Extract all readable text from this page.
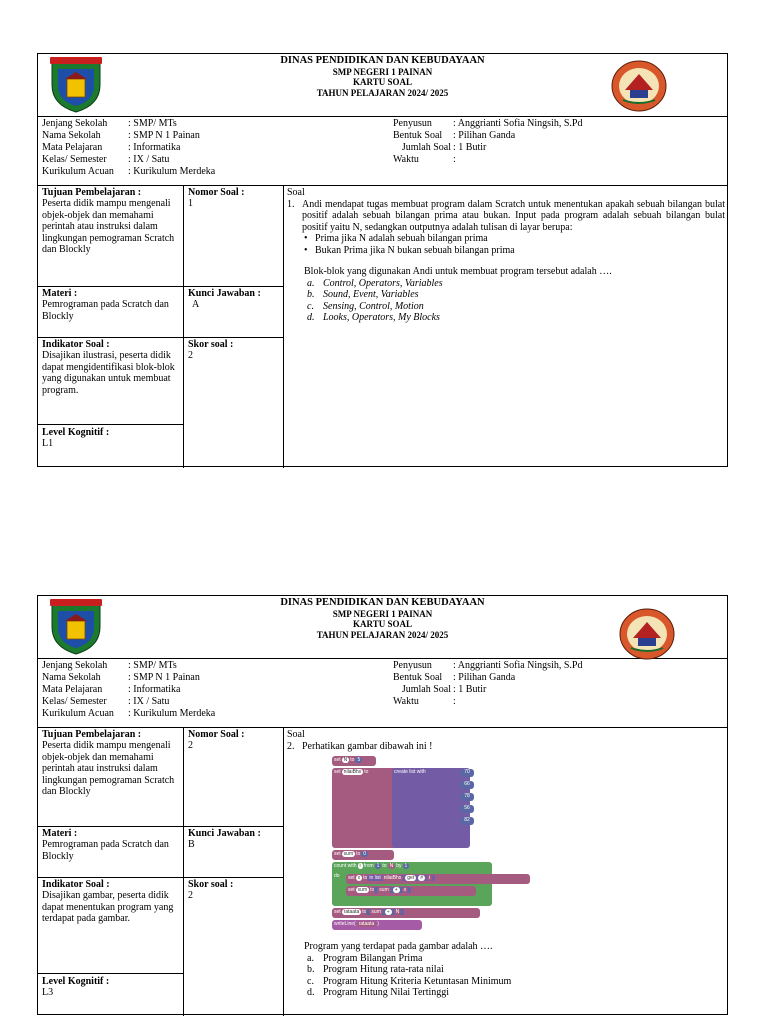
DINAS PENDIDIKAN DAN KEBUDAYAAN
SMP NEGERI 1 PAINAN
KARTU SOAL
TAHUN PELAJARAN 2024/ 2025
Jenjang Sekolah : SMP/ MTs
Nama Sekolah	: SMP N 1 Painan
Mata Pelajaran	: Informatika
Kelas/ Semester : IX / Satu
Kurikulum Acuan : Kurikulum Merdeka
Penyusun : Anggrianti Sofia Ningsih, S.Pd
Bentuk Soal : Pilihan Ganda
Jumlah Soal : 1 Butir
Waktu	:
Tujuan Pembelajaran :
Peserta didik mampu mengenali objek-objek dan memahami perintah atau instruksi dalam lingkungan pemograman Scratch dan Blockly
Nomor Soal :
1
Materi :
Pemrograman pada Scratch dan Blockly
Kunci Jawaban :
A
Indikator Soal :
Disajikan ilustrasi, peserta didik dapat mengidentifikasi blok-blok yang digunakan untuk membuat program.
Skor soal :
2
Level Kognitif :
L1
Soal
1. Andi mendapat tugas membuat program dalam Scratch untuk menentukan apakah sebuah bilangan bulat positif adalah sebuah bilangan prima atau bukan. Input pada program adalah sebuah bilangan bulat positif yaitu N, sedangkan outputnya adalah tulisan di layar berupa:
•   Prima jika N adalah sebuah bilangan prima
•   Bukan Prima jika N bukan sebuah bilangan prima
Blok-blok yang digunakan Andi untuk membuat program tersebut adalah ….
a. Control, Operators, Variables
b. Sound, Event, Variables
c. Sensing, Control, Motion
d. Looks, Operators, My Blocks
DINAS PENDIDIKAN DAN KEBUDAYAAN
SMP NEGERI 1 PAINAN
KARTU SOAL
TAHUN PELAJARAN 2024/ 2025
Jenjang Sekolah : SMP/ MTs
Nama Sekolah	: SMP N 1 Painan
Mata Pelajaran	: Informatika
Kelas/ Semester : IX / Satu
Kurikulum Acuan : Kurikulum Merdeka
Penyusun : Anggrianti Sofia Ningsih, S.Pd
Bentuk Soal : Pilihan Ganda
Jumlah Soal : 1 Butir
Waktu	:
Tujuan Pembelajaran :
Peserta didik mampu mengenali objek-objek dan memahami perintah atau instruksi dalam lingkungan pemograman Scratch dan Blockly
Nomor Soal :
2
Materi :
Pemrograman pada Scratch dan Blockly
Kunci Jawaban :
B
Indikator Soal :
Disajikan gambar, peserta didik dapat menentukan program yang terdapat pada gambar.
Skor soal :
2
Level Kognitif :
L3
Soal
2. Perhatikan gambar dibawah ini !
set N to 5
set nilaiBhs to	create list with	70
66
78
56
82
set sum to 0
count with i from 1 to N by 1
do	set x to in list nilaiBhs get # i
set sum to sum + x
set rataata to sum ÷ N
writeLine( rataata )
Program yang terdapat pada gambar adalah ….
a. Program Bilangan Prima
b. Program Hitung rata-rata nilai
c. Program Hitung Kriteria Ketuntasan Minimum
d. Program Hitung Nilai Tertinggi
